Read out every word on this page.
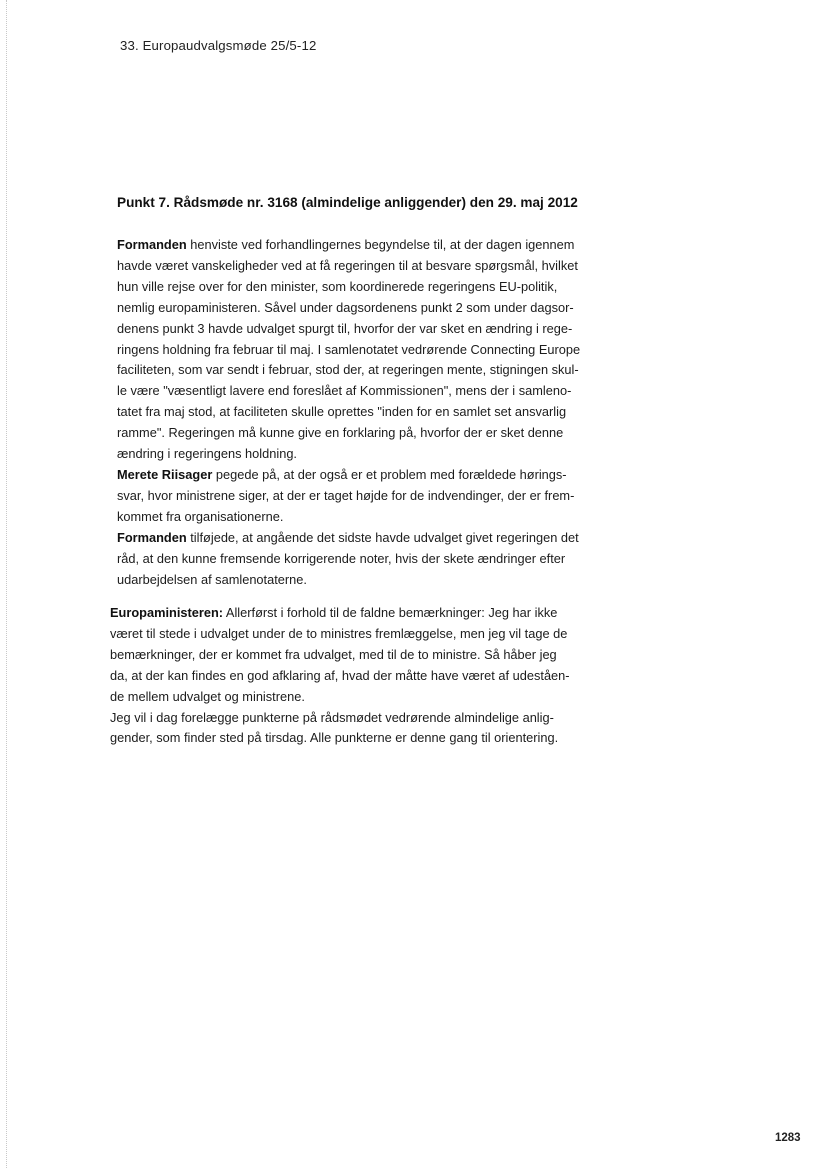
33. Europaudvalgsmøde 25/5-12
Punkt 7. Rådsmøde nr. 3168 (almindelige anliggender) den 29. maj 2012
Formanden henviste ved forhandlingernes begyndelse til, at der dagen igennem
havde været vanskeligheder ved at få regeringen til at besvare spørgsmål, hvilket
hun ville rejse over for den minister, som koordinerede regeringens EU-politik,
nemlig europaministeren. Såvel under dagsordenens punkt 2 som under dagsor-
denens punkt 3 havde udvalget spurgt til, hvorfor der var sket en ændring i rege-
ringens holdning fra februar til maj. I samlenotatet vedrørende Connecting Europe
faciliteten, som var sendt i februar, stod der, at regeringen mente, stigningen skul-
le være "væsentligt lavere end foreslået af Kommissionen", mens der i samleno-
tatet fra maj stod, at faciliteten skulle oprettes "inden for en samlet set ansvarlig
ramme". Regeringen må kunne give en forklaring på, hvorfor der er sket denne
ændring i regeringens holdning.
Merete Riisager pegede på, at der også er et problem med forældede hørings-
svar, hvor ministrene siger, at der er taget højde for de indvendinger, der er frem-
kommet fra organisationerne.
Formanden tilføjede, at angående det sidste havde udvalget givet regeringen det
råd, at den kunne fremsende korrigerende noter, hvis der skete ændringer efter
udarbejdelsen af samlenotaterne.
Europaministeren: Allerførst i forhold til de faldne bemærkninger: Jeg har ikke
været til stede i udvalget under de to ministres fremlæggelse, men jeg vil tage de
bemærkninger, der er kommet fra udvalget, med til de to ministre. Så håber jeg
da, at der kan findes en god afklaring af, hvad der måtte have været af udeståen-
de mellem udvalget og ministrene.
Jeg vil i dag forelægge punkterne på rådsmødet vedrørende almindelige anlig-
gender, som finder sted på tirsdag. Alle punkterne er denne gang til orientering.
1283
